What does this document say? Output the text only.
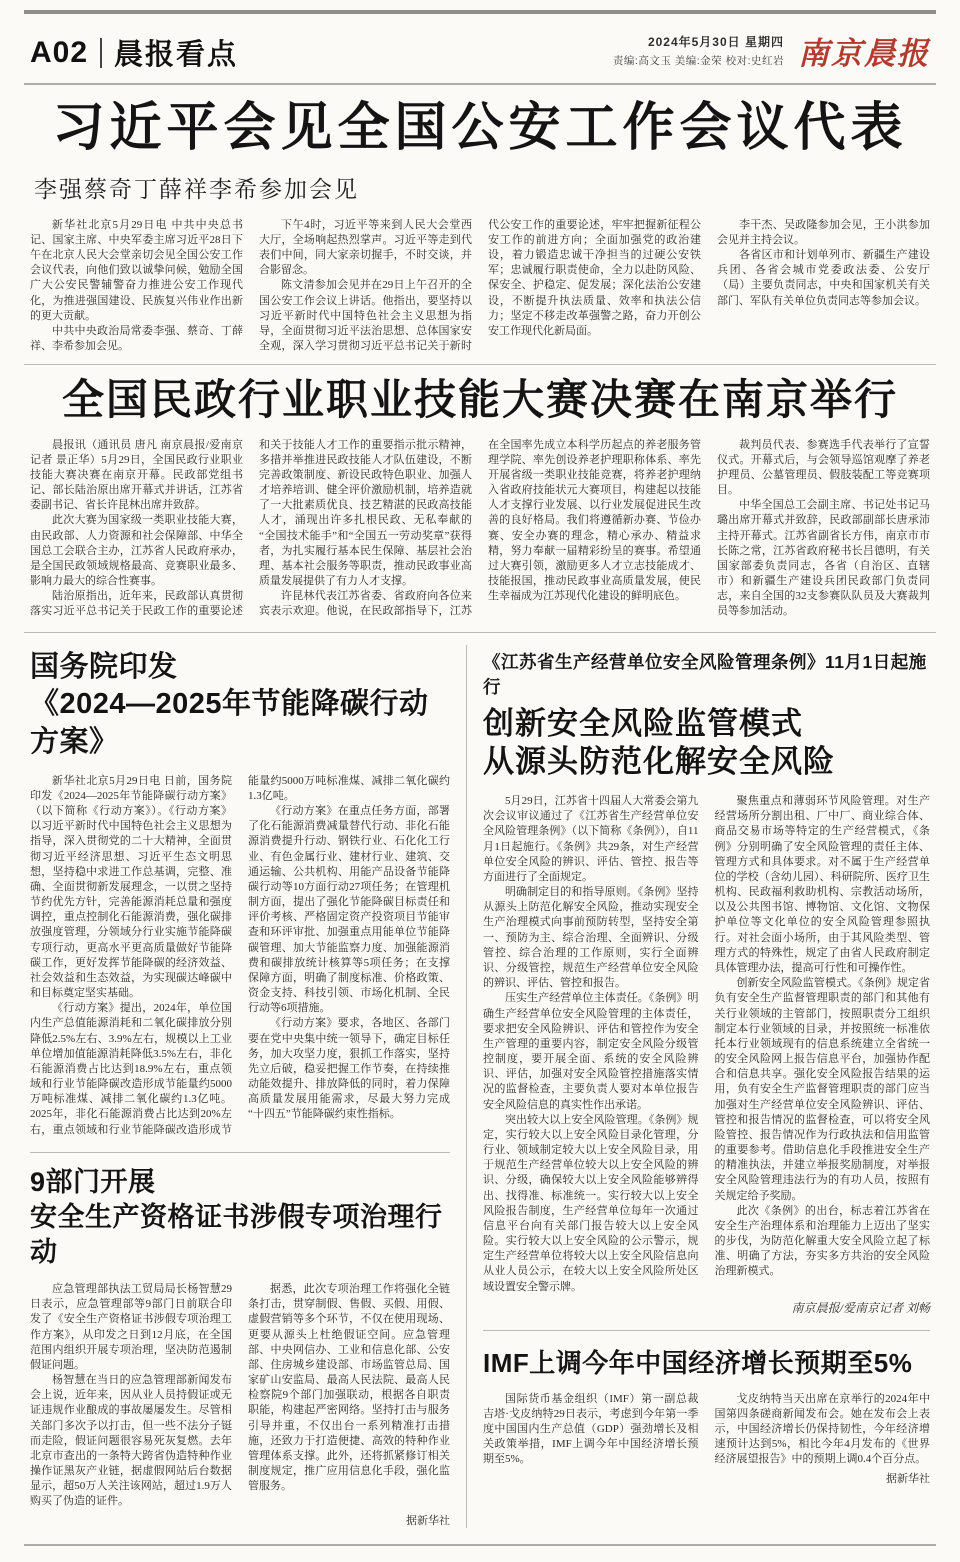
A02 晨报看点	2024年5月30日 星期四
责编:高文玉 美编:金荣 校对:史红岩 南京晨报
习近平会见全国公安工作会议代表
李强蔡奇丁薛祥李希参加会见

新华社北京5月29日电 中共中央总书记、国家主席、中央军委主席习近平28日下午在北京人民大会堂亲切会见全国公安工作会议代表，向他们致以诚挚问候，勉励全国广大公安民警辅警奋力推进公安工作现代化，为推进强国建设、民族复兴伟业作出新的更大贡献。

中共中央政治局常委李强、蔡奇、丁薛祥、李希参加会见。

下午4时，习近平等来到人民大会堂西大厅，全场响起热烈掌声。习近平等走到代表们中间，同大家亲切握手，不时交谈，并合影留念。

陈文清参加会见并在29日上午召开的全国公安工作会议上讲话。他指出，要坚持以习近平新时代中国特色社会主义思想为指导，全面贯彻习近平法治思想、总体国家安全观，深入学习贯彻习近平总书记关于新时代公安工作的重要论述，牢牢把握新征程公安工作的前进方向；全面加强党的政治建设，着力锻造忠诚干净担当的过硬公安铁军；忠诚履行职责使命，全力以赴防风险、保安全、护稳定、促发展；深化法治公安建设，不断提升执法质量、效率和执法公信力；坚定不移走改革强警之路，奋力开创公安工作现代化新局面。

李干杰、吴政隆参加会见，王小洪参加会见并主持会议。

各省区市和计划单列市、新疆生产建设兵团、各省会城市党委政法委、公安厅（局）主要负责同志，中央和国家机关有关部门、军队有关单位负责同志等参加会议。

全国民政行业职业技能大赛决赛在南京举行

晨报讯（通讯员 唐凡 南京晨报/爱南京记者 景正华）5月29日，全国民政行业职业技能大赛决赛在南京开幕。民政部党组书记、部长陆治原出席开幕式并讲话，江苏省委副书记、省长许昆林出席并致辞。

此次大赛为国家级一类职业技能大赛，由民政部、人力资源和社会保障部、中华全国总工会联合主办，江苏省人民政府承办，是全国民政领域规格最高、竞赛职业最多、影响力最大的综合性赛事。

陆治原指出，近年来，民政部认真贯彻落实习近平总书记关于民政工作的重要论述和关于技能人才工作的重要指示批示精神，多措并举推进民政技能人才队伍建设，不断完善政策制度、新设民政特色职业、加强人才培养培训、健全评价激励机制，培养造就了一大批素质优良、技艺精湛的民政高技能人才，涌现出许多扎根民政、无私奉献的“全国技术能手”和“全国五一劳动奖章”获得者，为扎实履行基本民生保障、基层社会治理、基本社会服务等职责，推动民政事业高质量发展提供了有力人才支撑。

许昆林代表江苏省委、省政府向各位来宾表示欢迎。他说，在民政部指导下，江苏在全国率先成立本科学历起点的养老服务管理学院、率先创设养老护理职称体系、率先开展省级一类职业技能竞赛，将养老护理纳入省政府技能状元大赛项目，构建起以技能人才支撑行业发展、以行业发展促进民生改善的良好格局。我们将遵循新办赛、节俭办赛、安全办赛的理念，精心承办、精益求精，努力奉献一届精彩纷呈的赛事。希望通过大赛引领，激励更多人才立志技能成才、技能报国，推动民政事业高质量发展，使民生幸福成为江苏现代化建设的鲜明底色。

裁判员代表、参赛选手代表举行了宣誓仪式。开幕式后，与会领导巡馆观摩了养老护理员、公墓管理员、假肢装配工等竞赛项目。

中华全国总工会副主席、书记处书记马璐出席开幕式并致辞，民政部副部长唐承沛主持开幕式。江苏省副省长方伟，南京市市长陈之常，江苏省政府秘书长吕德明，有关国家部委负责同志，各省（自治区、直辖市）和新疆生产建设兵团民政部门负责同志，来自全国的32支参赛队队员及大赛裁判员等参加活动。

国务院印发
《2024—2025年节能降碳行动方案》

新华社北京5月29日电 日前，国务院印发《2024—2025年节能降碳行动方案》（以下简称《行动方案》）。《行动方案》以习近平新时代中国特色社会主义思想为指导，深入贯彻党的二十大精神，全面贯彻习近平经济思想、习近平生态文明思想，坚持稳中求进工作总基调，完整、准确、全面贯彻新发展理念，一以贯之坚持节约优先方针，完善能源消耗总量和强度调控，重点控制化石能源消费，强化碳排放强度管理，分领域分行业实施节能降碳专项行动，更高水平更高质量做好节能降碳工作，更好发挥节能降碳的经济效益、社会效益和生态效益，为实现碳达峰碳中和目标奠定坚实基础。

《行动方案》提出，2024年，单位国内生产总值能源消耗和二氧化碳排放分别降低2.5%左右、3.9%左右，规模以上工业单位增加值能源消耗降低3.5%左右，非化石能源消费占比达到18.9%左右，重点领域和行业节能降碳改造形成节能量约5000万吨标准煤、减排二氧化碳约1.3亿吨。2025年，非化石能源消费占比达到20%左右，重点领域和行业节能降碳改造形成节能量约5000万吨标准煤、减排二氧化碳约1.3亿吨。

《行动方案》在重点任务方面，部署了化石能源消费减量替代行动、非化石能源消费提升行动、钢铁行业、石化化工行业、有色金属行业、建材行业、建筑、交通运输、公共机构、用能产品设备节能降碳行动等10方面行动27项任务；在管理机制方面，提出了强化节能降碳目标责任和评价考核、严格固定资产投资项目节能审查和环评审批、加强重点用能单位节能降碳管理、加大节能监察力度、加强能源消费和碳排放统计核算等5项任务；在支撑保障方面，明确了制度标准、价格政策、资金支持、科技引领、市场化机制、全民行动等6项措施。

《行动方案》要求，各地区、各部门要在党中央集中统一领导下，确定目标任务，加大攻坚力度，狠抓工作落实，坚持先立后破，稳妥把握工作节奏，在持续推动能效提升、排放降低的同时，着力保障高质量发展用能需求，尽最大努力完成“十四五”节能降碳约束性指标。

9部门开展
安全生产资格证书涉假专项治理行动

应急管理部执法工贸局局长杨智慧29日表示，应急管理部等9部门日前联合印发了《安全生产资格证书涉假专项治理工作方案》，从印发之日到12月底，在全国范围内组织开展专项治理，坚决防范遏制假证问题。

杨智慧在当日的应急管理部新闻发布会上说，近年来，因从业人员持假证或无证违规作业酿成的事故屡屡发生。尽管相关部门多次予以打击，但一些不法分子铤而走险，假证问题很容易死灰复燃。去年北京市查出的一条特大跨省伪造特种作业操作证黑灰产业链，据虚假网站后台数据显示，超50万人关注该网站，超过1.9万人购买了伪造的证件。

据悉，此次专项治理工作将强化全链条打击，贯穿制假、售假、买假、用假、虚假营销等多个环节，不仅在使用现场、更要从源头上杜绝假证空间。应急管理部、中央网信办、工业和信息化部、公安部、住房城乡建设部、市场监管总局、国家矿山安监局、最高人民法院、最高人民检察院9个部门加强联动，根据各自职责职能，构建起严密网络。坚持打击与服务引导并重，不仅出台一系列精准打击措施，还致力于打造便捷、高效的特种作业管理体系支撑。此外，还将抓紧修订相关制度规定，推广应用信息化手段，强化监管服务。

据新华社
《江苏省生产经营单位安全风险管理条例》11月1日起施行
创新安全风险监管模式
从源头防范化解安全风险

5月29日，江苏省十四届人大常委会第九次会议审议通过了《江苏省生产经营单位安全风险管理条例》（以下简称《条例》），自11月1日起施行。《条例》共29条，对生产经营单位安全风险的辨识、评估、管控、报告等方面进行了全面规定。

明确制定目的和指导原则。《条例》坚持从源头上防范化解安全风险，推动实现安全生产治理模式向事前预防转型，坚持安全第一、预防为主、综合治理、全面辨识、分级管控、综合治理的工作原则，实行全面辨识、分级管控，规范生产经营单位安全风险的辨识、评估、管控和报告。

压实生产经营单位主体责任。《条例》明确生产经营单位安全风险管理的主体责任，要求把安全风险辨识、评估和管控作为安全生产管理的重要内容，制定安全风险分级管控制度，要开展全面、系统的安全风险辨识、评估，加强对安全风险管控措施落实情况的监督检查，主要负责人要对本单位报告安全风险信息的真实性作出承诺。

突出较大以上安全风险管理。《条例》规定，实行较大以上安全风险目录化管理，分行业、领域制定较大以上安全风险目录，用于规范生产经营单位较大以上安全风险的辨识、分级，确保较大以上安全风险能够辨得出、找得准、标准统一。实行较大以上安全风险报告制度，生产经营单位每年一次通过信息平台向有关部门报告较大以上安全风险。实行较大以上安全风险的公示警示，规定生产经营单位将较大以上安全风险信息向从业人员公示，在较大以上安全风险所处区域设置安全警示牌。

聚焦重点和薄弱环节风险管理。对生产经营场所分割出租、厂中厂、商业综合体、商品交易市场等特定的生产经营模式，《条例》分别明确了安全风险管理的责任主体、管理方式和具体要求。对不属于生产经营单位的学校（含幼儿园）、科研院所、医疗卫生机构、民政福利救助机构、宗教活动场所，以及公共图书馆、博物馆、文化馆、文物保护单位等文化单位的安全风险管理参照执行。对社会面小场所，由于其风险类型、管理方式的特殊性，规定了由省人民政府制定具体管理办法，提高可行性和可操作性。

创新安全风险监管模式。《条例》规定省负有安全生产监督管理职责的部门和其他有关行业领域的主管部门，按照职责分工组织制定本行业领域的目录，并按照统一标准依托本行业领域现有的信息系统建立全省统一的安全风险网上报告信息平台，加强协作配合和信息共享。强化安全风险报告结果的运用，负有安全生产监督管理职责的部门应当加强对生产经营单位安全风险辨识、评估、管控和报告情况的监督检查，可以将安全风险管控、报告情况作为行政执法和信用监管的重要参考。借助信息化手段推进安全生产的精准执法，并建立举报奖励制度，对举报安全风险管理违法行为的有功人员，按照有关规定给予奖励。

此次《条例》的出台，标志着江苏省在安全生产治理体系和治理能力上迈出了坚实的步伐，为防范化解重大安全风险立起了标准、明确了方法，夯实多方共治的安全风险治理新模式。

南京晨报/爱南京记者 刘畅
IMF上调今年中国经济增长预期至5%

国际货币基金组织（IMF）第一副总裁吉塔·戈皮纳特29日表示，考虑到今年第一季度中国国内生产总值（GDP）强劲增长及相关政策举措，IMF上调今年中国经济增长预期至5%。

戈皮纳特当天出席在京举行的2024年中国第四条磋商新闻发布会。她在发布会上表示，中国经济增长仍保持韧性，今年经济增速预计达到5%，相比今年4月发布的《世界经济展望报告》中的预期上调0.4个百分点。

据新华社
